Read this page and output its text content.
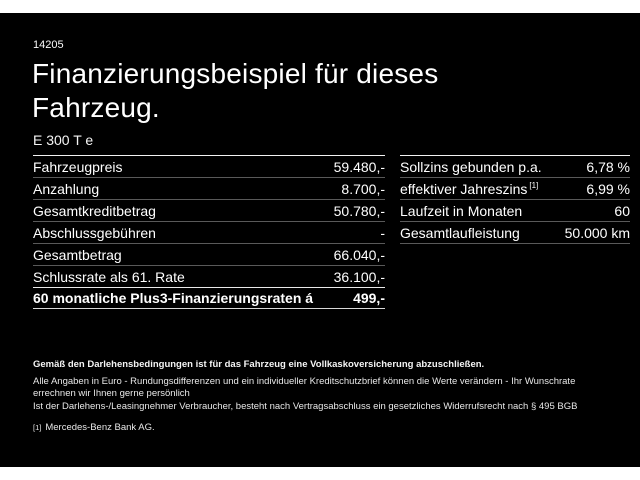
14205
Finanzierungsbeispiel für dieses
Fahrzeug.
E 300 T e
Fahrzeugpreis	59.480,-
Anzahlung	8.700,-
Gesamtkreditbetrag	50.780,-
Abschlussgebühren	-
Gesamtbetrag	66.040,-
Schlussrate als 61. Rate	36.100,-
60 monatliche Plus3-Finanzierungsraten á	499,-
Sollzins gebunden p.a.	6,78 %
effektiver Jahreszins [1]	6,99 %
Laufzeit in Monaten	60
Gesamtlaufleistung	50.000 km
Gemäß den Darlehensbedingungen ist für das Fahrzeug eine Vollkaskoversicherung abzuschließen.
Alle Angaben in Euro - Rundungsdifferenzen und ein individueller Kreditschutzbrief können die Werte verändern - Ihr Wunschrate errechnen wir Ihnen gerne persönlich
Ist der Darlehens-/Leasingnehmer Verbraucher, besteht nach Vertragsabschluss ein gesetzliches Widerrufsrecht nach § 495 BGB
[1] Mercedes-Benz Bank AG.
